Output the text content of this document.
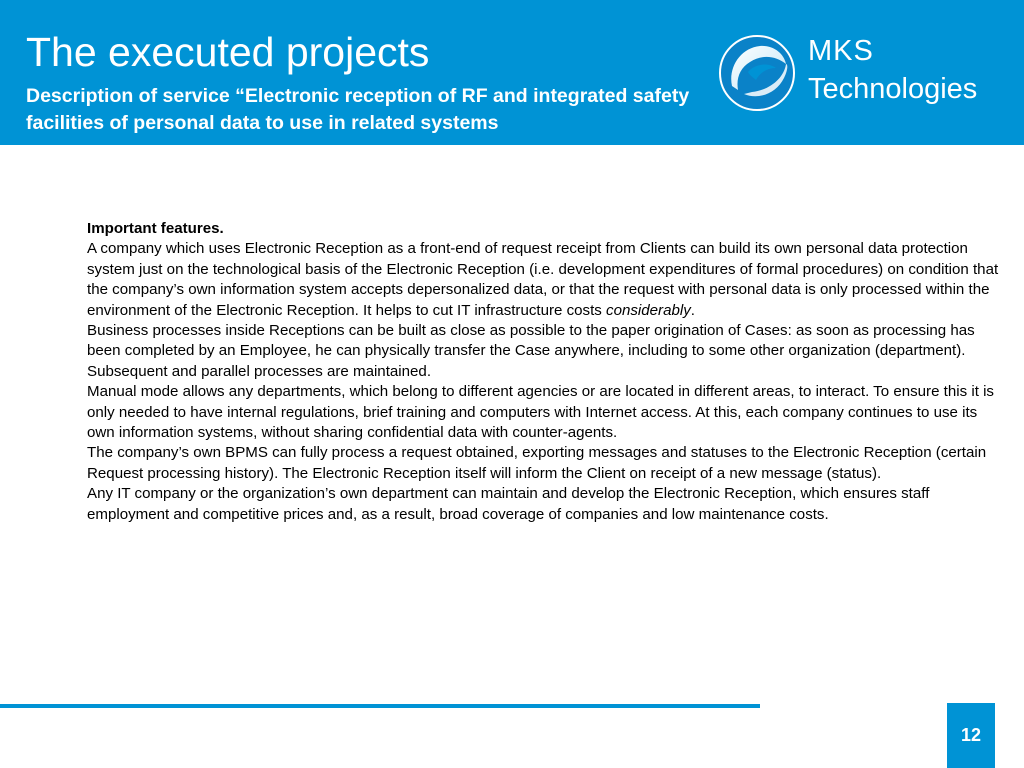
The executed projects

Description of service “Electronic reception of RF and integrated safety facilities of personal data to use in related systems

MKS
Technologies

Important features.

A company which uses Electronic Reception as a front-end of request receipt from Clients can build its own personal data protection system just on the technological basis of the Electronic Reception (i.e. development expenditures of formal procedures) on condition that the company’s own information system accepts depersonalized data, or that the request with personal data is only processed within the environment of the Electronic Reception. It helps to cut IT infrastructure costs considerably.

Business processes inside Receptions can be built as close as possible to the paper origination of Cases: as soon as processing has been completed by an Employee, he can physically transfer the Case anywhere, including to some other organization (department). Subsequent and parallel processes are maintained.

Manual mode allows any departments, which belong to different agencies or are located in different areas, to interact. To ensure this it is only needed to have internal regulations, brief training and computers with Internet access. At this, each company continues to use its own information systems, without sharing confidential data with counter-agents.

The company’s own BPMS can fully process a request obtained, exporting messages and statuses to the Electronic Reception (certain Request processing history). The Electronic Reception itself will inform the Client on receipt of a new message (status).

Any IT company or the organization’s own department can maintain and develop the Electronic Reception, which ensures staff employment and competitive prices and, as a result, broad coverage of companies and low maintenance costs.

12
